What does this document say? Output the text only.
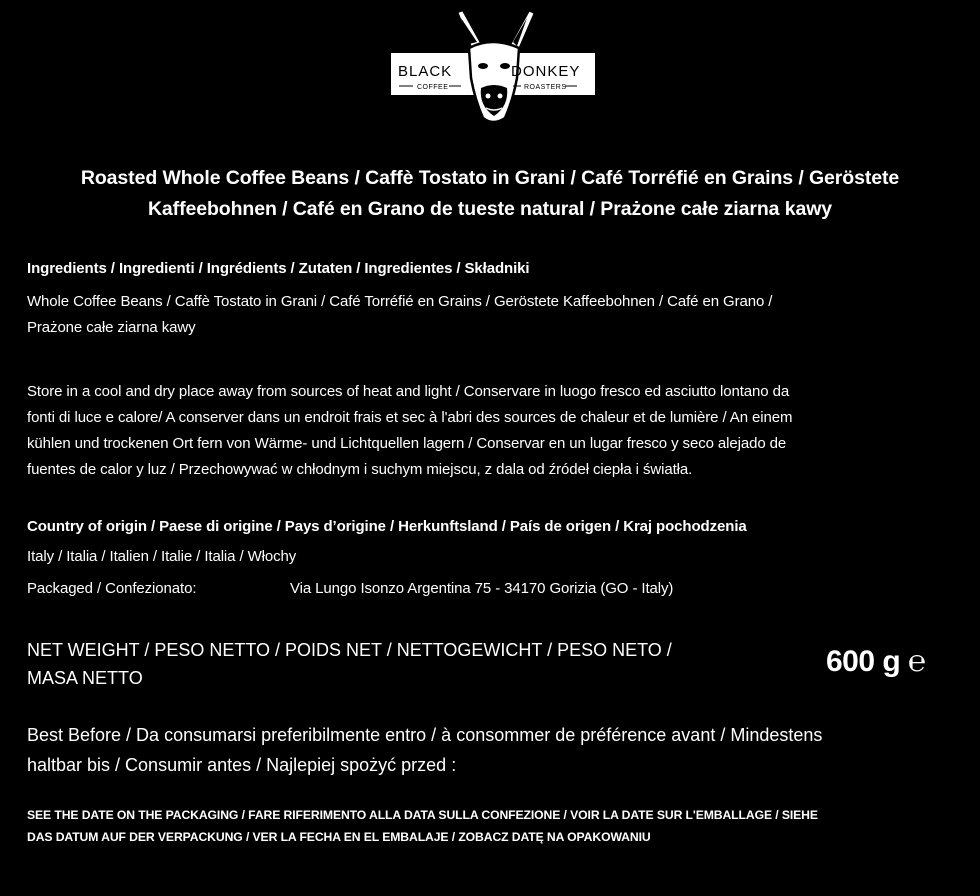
BLACK	DONKEY
COFFEE	ROASTERS
Roasted Whole Coffee Beans / Caffè Tostato in Grani / Café Torréfié en Grains / Geröstete
Kaffeebohnen / Café en Grano de tueste natural / Prażone całe ziarna kawy
Ingredients / Ingredienti / Ingrédients / Zutaten / Ingredientes / Składniki
Whole Coffee Beans / Caffè Tostato in Grani / Café Torréfié en Grains / Geröstete Kaffeebohnen / Café en Grano /
Prażone całe ziarna kawy
Store in a cool and dry place away from sources of heat and light / Conservare in luogo fresco ed asciutto lontano da
fonti di luce e calore/ A conserver dans un endroit frais et sec à l'abri des sources de chaleur et de lumière / An einem
kühlen und trockenen Ort fern von Wärme- und Lichtquellen lagern / Conservar en un lugar fresco y seco alejado de
fuentes de calor y luz / Przechowywać w chłodnym i suchym miejscu, z dala od źródeł ciepła i światła.
Country of origin / Paese di origine / Pays d’origine / Herkunftsland / País de origen / Kraj pochodzenia
Italy / Italia / Italien / Italie / Italia / Włochy
Packaged / Confezionato:	Via Lungo Isonzo Argentina 75 - 34170 Gorizia (GO - Italy)
NET WEIGHT / PESO NETTO / POIDS NET / NETTOGEWICHT / PESO NETO /
MASA NETTO	600 g ℮
Best Before / Da consumarsi preferibilmente entro / à consommer de préférence avant / Mindestens
haltbar bis / Consumir antes / Najlepiej spożyć przed :
SEE THE DATE ON THE PACKAGING / FARE RIFERIMENTO ALLA DATA SULLA CONFEZIONE / VOIR LA DATE SUR L'EMBALLAGE / SIEHE
DAS DATUM AUF DER VERPACKUNG / VER LA FECHA EN EL EMBALAJE / ZOBACZ DATĘ NA OPAKOWANIU
